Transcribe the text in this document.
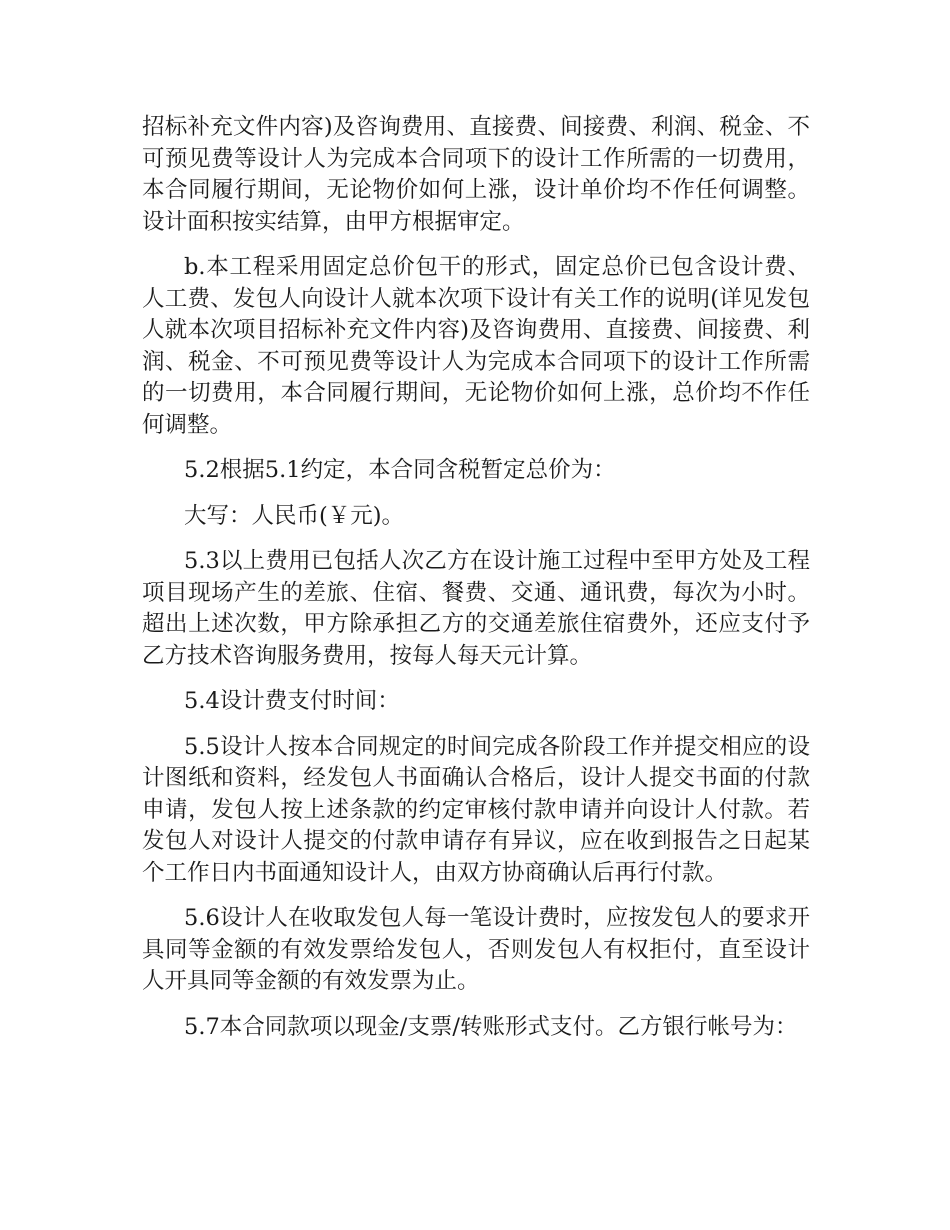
招标补充文件内容)及咨询费用、直接费、间接费、利润、税金、不可预见费等设计人为完成本合同项下的设计工作所需的一切费用，本合同履行期间，无论物价如何上涨，设计单价均不作任何调整。设计面积按实结算，由甲方根据审定。

b.本工程采用固定总价包干的形式，固定总价已包含设计费、人工费、发包人向设计人就本次项下设计有关工作的说明(详见发包人就本次项目招标补充文件内容)及咨询费用、直接费、间接费、利润、税金、不可预见费等设计人为完成本合同项下的设计工作所需的一切费用，本合同履行期间，无论物价如何上涨，总价均不作任何调整。

5.2根据5.1约定，本合同含税暂定总价为：

大写：人民币(￥元)。

5.3以上费用已包括人次乙方在设计施工过程中至甲方处及工程项目现场产生的差旅、住宿、餐费、交通、通讯费，每次为小时。超出上述次数，甲方除承担乙方的交通差旅住宿费外，还应支付予乙方技术咨询服务费用，按每人每天元计算。

5.4设计费支付时间：

5.5设计人按本合同规定的时间完成各阶段工作并提交相应的设计图纸和资料，经发包人书面确认合格后，设计人提交书面的付款申请，发包人按上述条款的约定审核付款申请并向设计人付款。若发包人对设计人提交的付款申请存有异议，应在收到报告之日起某个工作日内书面通知设计人，由双方协商确认后再行付款。

5.6设计人在收取发包人每一笔设计费时，应按发包人的要求开具同等金额的有效发票给发包人，否则发包人有权拒付，直至设计人开具同等金额的有效发票为止。

5.7本合同款项以现金/支票/转账形式支付。乙方银行帐号为：
